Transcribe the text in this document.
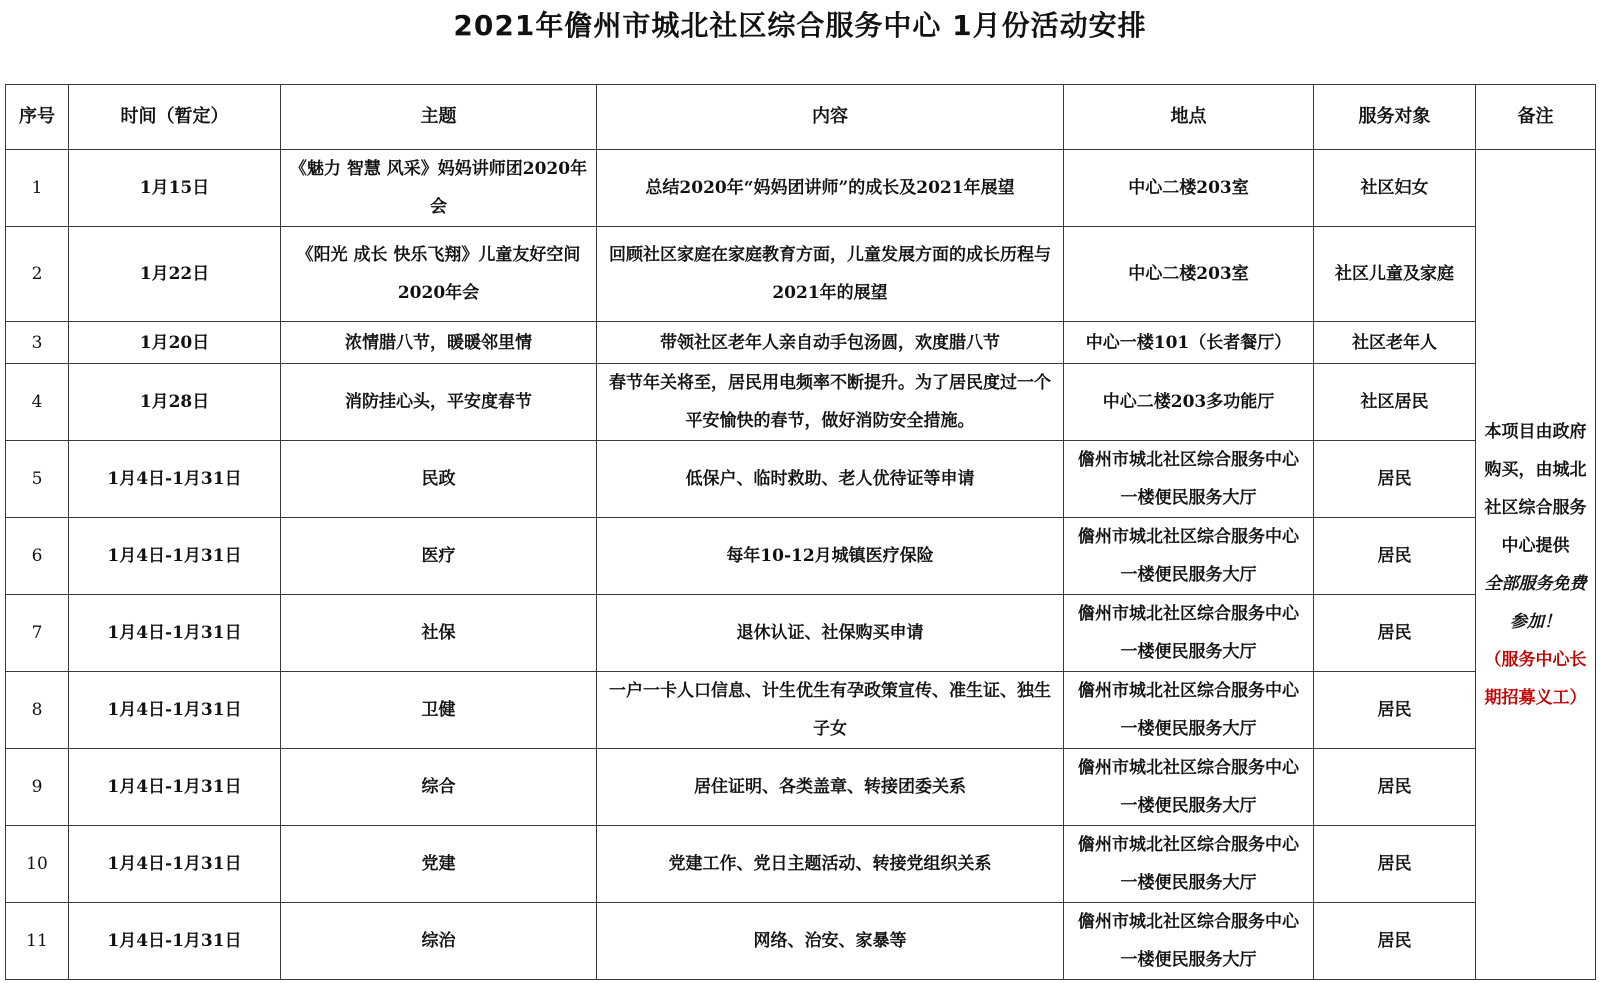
2021年儋州市城北社区综合服务中心 1月份活动安排
序号	时间（暂定）	主题	内容	地点	服务对象	备注
1	1月15日	《魅力 智慧 风采》妈妈讲师团2020年会	总结2020年“妈妈团讲师”的成长及2021年展望	中心二楼203室	社区妇女	本项目由政府购买，由城北社区综合服务中心提供
全部服务免费参加！
（服务中心长期招募义工）

2	1月22日	《阳光 成长 快乐飞翔》儿童友好空间2020年会	回顾社区家庭在家庭教育方面，儿童发展方面的成长历程与2021年的展望	中心二楼203室	社区儿童及家庭	
3	1月20日	浓情腊八节，暖暖邻里情	带领社区老年人亲自动手包汤圆，欢度腊八节	中心一楼101（长者餐厅）	社区老年人	
4	1月28日	消防挂心头，平安度春节	春节年关将至，居民用电频率不断提升。为了居民度过一个平安愉快的春节，做好消防安全措施。	中心二楼203多功能厅	社区居民	
5	1月4日-1月31日	民政	低保户、临时救助、老人优待证等申请	儋州市城北社区综合服务中心一楼便民服务大厅	居民	
6	1月4日-1月31日	医疗	每年10-12月城镇医疗保险	儋州市城北社区综合服务中心一楼便民服务大厅	居民	
7	1月4日-1月31日	社保	退休认证、社保购买申请	儋州市城北社区综合服务中心一楼便民服务大厅	居民	
8	1月4日-1月31日	卫健	一户一卡人口信息、计生优生有孕政策宣传、准生证、独生子女	儋州市城北社区综合服务中心一楼便民服务大厅	居民	
9	1月4日-1月31日	综合	居住证明、各类盖章、转接团委关系	儋州市城北社区综合服务中心一楼便民服务大厅	居民	
10	1月4日-1月31日	党建	党建工作、党日主题活动、转接党组织关系	儋州市城北社区综合服务中心一楼便民服务大厅	居民	
11	1月4日-1月31日	综治	网络、治安、家暴等	儋州市城北社区综合服务中心一楼便民服务大厅	居民	
